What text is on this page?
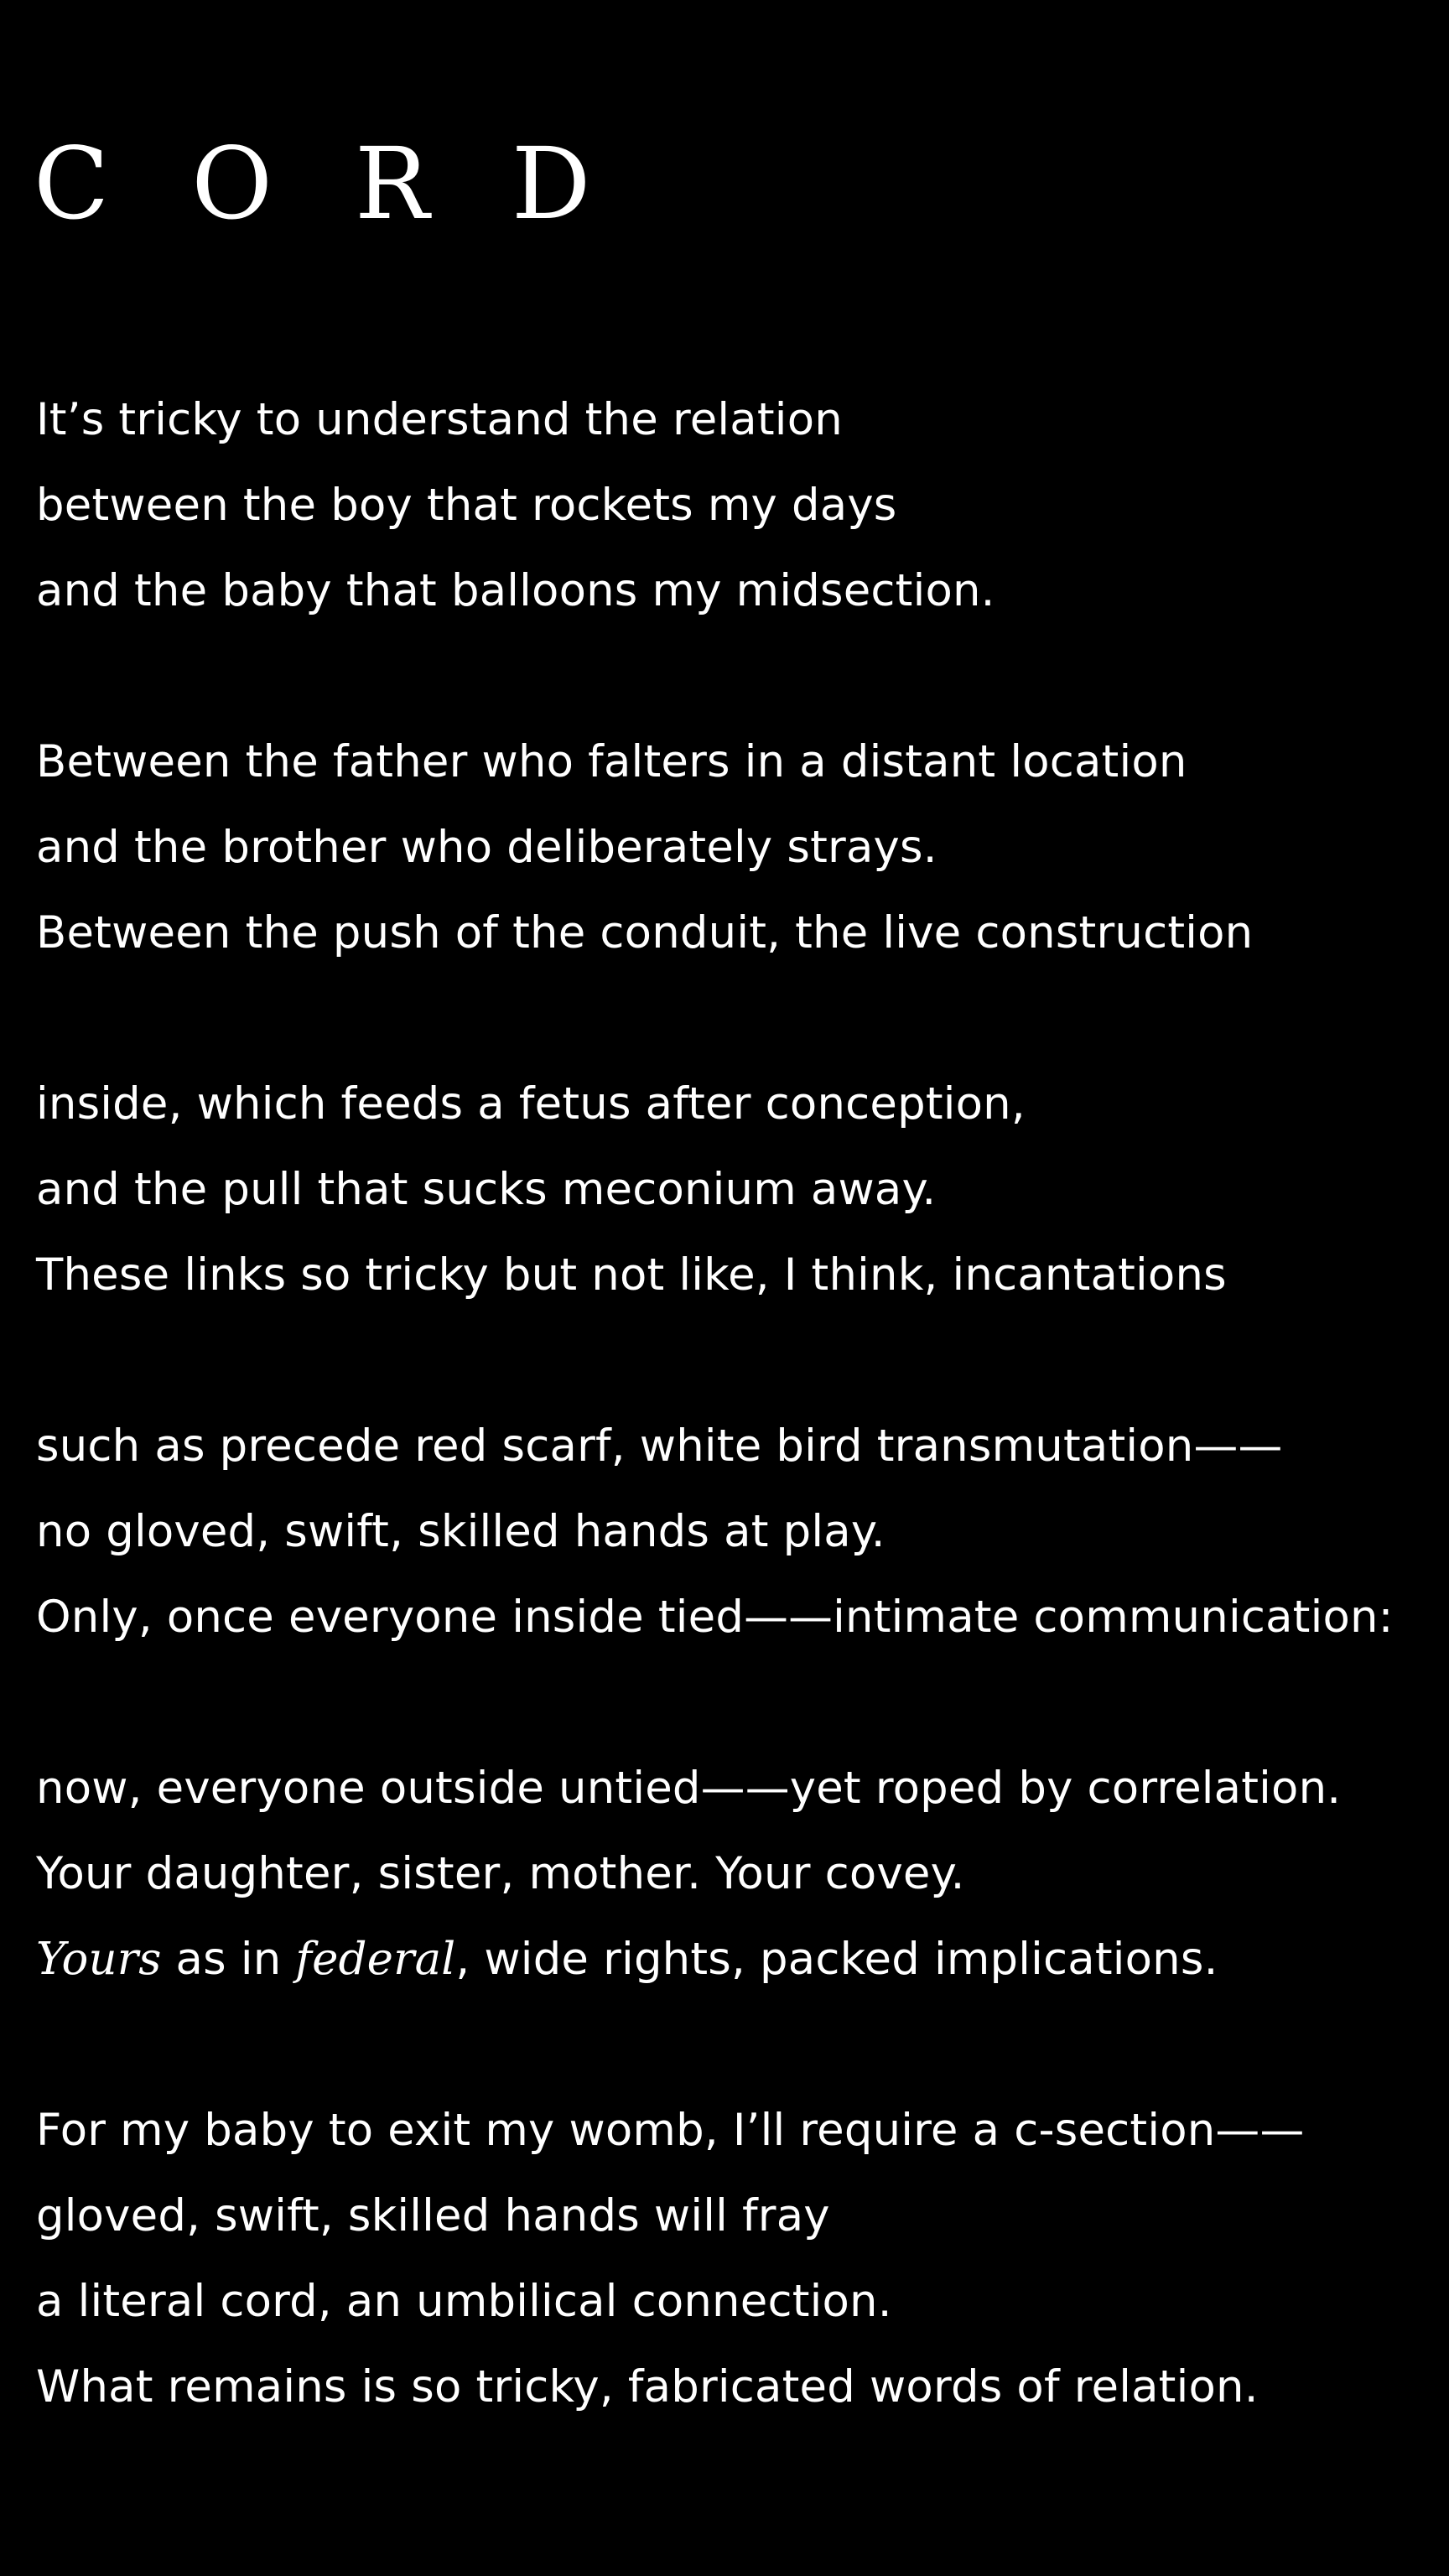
CORD
It’s tricky to understand the relation
between the boy that rockets my days
and the baby that balloons my midsection.
Between the father who falters in a distant location
and the brother who deliberately strays.
Between the push of the conduit, the live construction
inside, which feeds a fetus after conception,
and the pull that sucks meconium away.
These links so tricky but not like, I think, incantations
such as precede red scarf, white bird transmutation——
no gloved, swift, skilled hands at play.
Only, once everyone inside tied——intimate communication:
now, everyone outside untied——yet roped by correlation.
Your daughter, sister, mother. Your covey.
Yours as in federal, wide rights, packed implications.
For my baby to exit my womb, I’ll require a c-section——
gloved, swift, skilled hands will fray
a literal cord, an umbilical connection.
What remains is so tricky, fabricated words of relation.
